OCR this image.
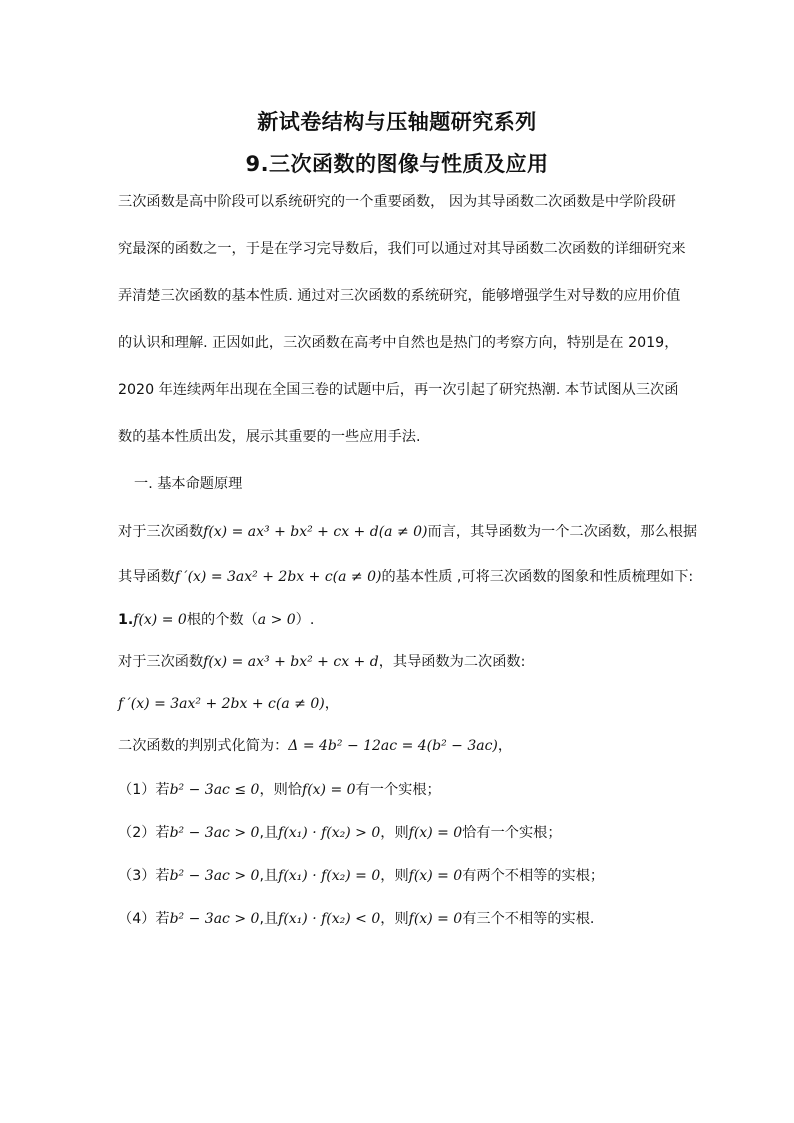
新试卷结构与压轴题研究系列
9.三次函数的图像与性质及应用
三次函数是高中阶段可以系统研究的一个重要函数， 因为其导函数二次函数是中学阶段研
究最深的函数之一，于是在学习完导数后，我们可以通过对其导函数二次函数的详细研究来
弄清楚三次函数的基本性质. 通过对三次函数的系统研究，能够增强学生对导数的应用价值
的认识和理解. 正因如此，三次函数在高考中自然也是热门的考察方向，特别是在 2019，
2020 年连续两年出现在全国三卷的试题中后，再一次引起了研究热潮. 本节试图从三次函
数的基本性质出发，展示其重要的一些应用手法.
一. 基本命题原理
对于三次函数f(x) = ax³ + bx² + cx + d(a ≠ 0)而言，其导函数为一个二次函数，那么根据
其导函数f ′(x) = 3ax² + 2bx + c(a ≠ 0)的基本性质 ,可将三次函数的图象和性质梳理如下:
1.f(x) = 0根的个数（a > 0）.
对于三次函数f(x) = ax³ + bx² + cx + d，其导函数为二次函数:
f ′(x) = 3ax² + 2bx + c(a ≠ 0)，
二次函数的判别式化简为：Δ = 4b² − 12ac = 4(b² − 3ac)，
（1）若b² − 3ac ≤ 0，则恰f(x) = 0有一个实根；
（2）若b² − 3ac > 0,且f(x₁) · f(x₂) > 0，则f(x) = 0恰有一个实根；
（3）若b² − 3ac > 0,且f(x₁) · f(x₂) = 0，则f(x) = 0有两个不相等的实根；
（4）若b² − 3ac > 0,且f(x₁) · f(x₂) < 0，则f(x) = 0有三个不相等的实根.
